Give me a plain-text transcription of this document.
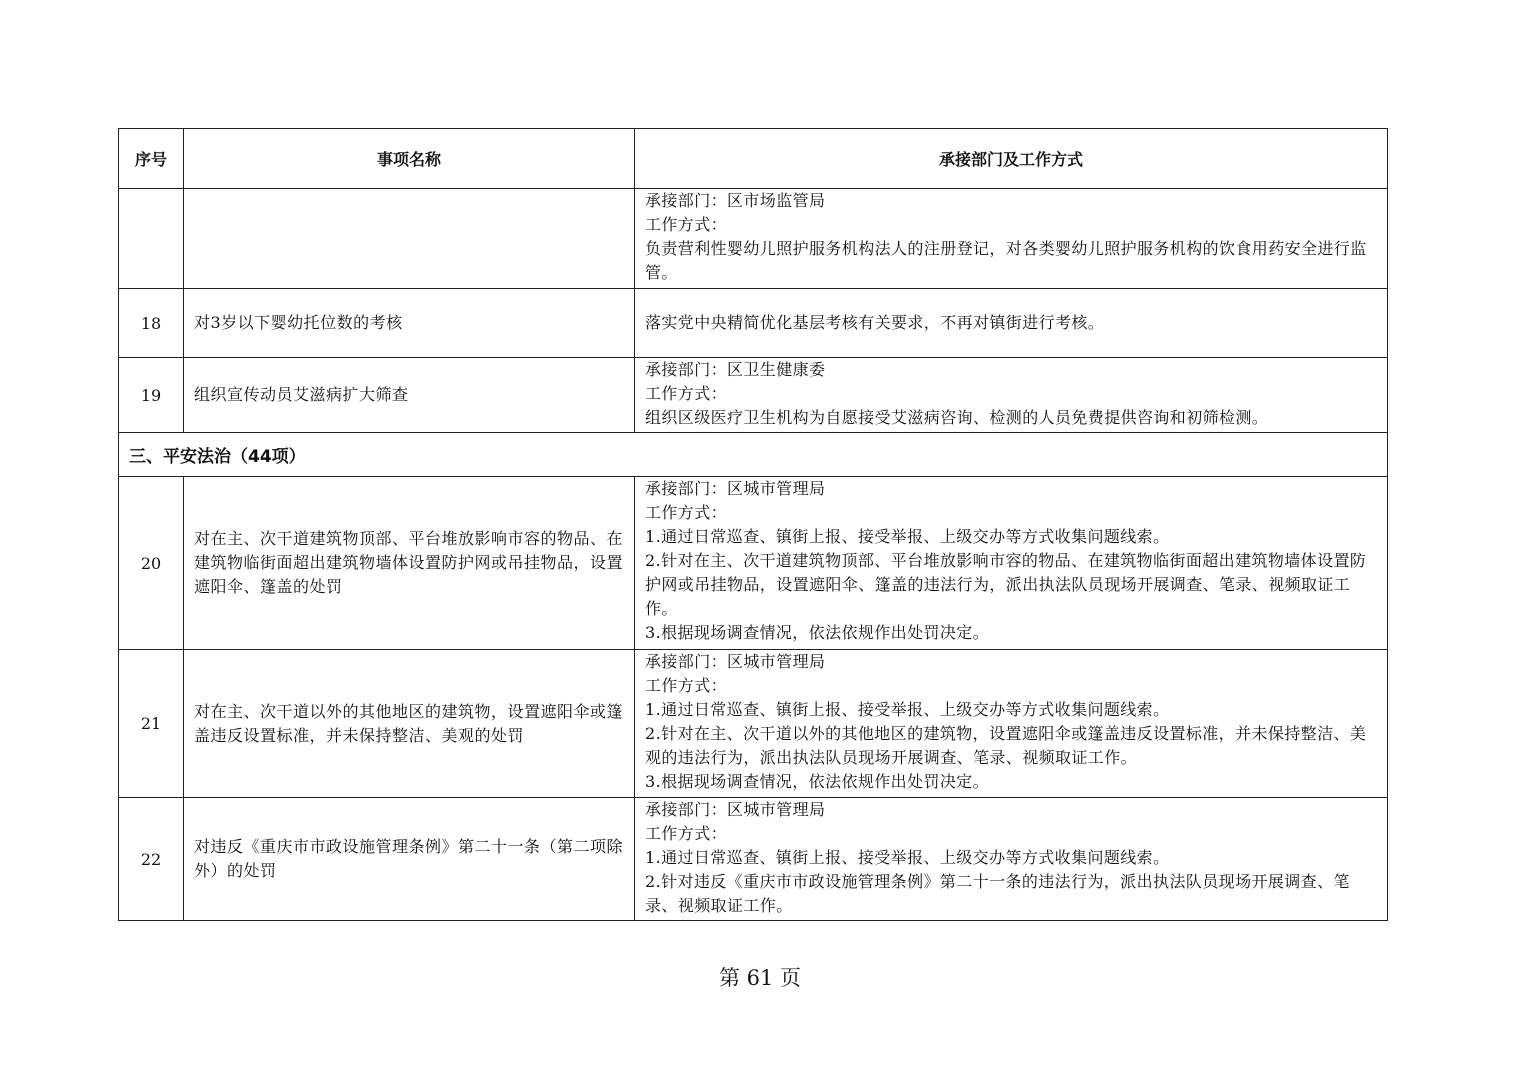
序号	事项名称	承接部门及工作方式

		承接部门：区市场监管局
工作方式：
负责营利性婴幼儿照护服务机构法人的注册登记，对各类婴幼儿照护服务机构的饮食用药安全进行监管。

18	对3岁以下婴幼托位数的考核	落实党中央精简优化基层考核有关要求，不再对镇街进行考核。

19	组织宣传动员艾滋病扩大筛查	承接部门：区卫生健康委
工作方式：
组织区级医疗卫生机构为自愿接受艾滋病咨询、检测的人员免费提供咨询和初筛检测。

三、平安法治（44项）		
20	对在主、次干道建筑物顶部、平台堆放影响市容的物品、在建筑物临街面超出建筑物墙体设置防护网或吊挂物品，设置遮阳伞、篷盖的处罚	承接部门：区城市管理局
工作方式：
1.通过日常巡查、镇街上报、接受举报、上级交办等方式收集问题线索。
2.针对在主、次干道建筑物顶部、平台堆放影响市容的物品、在建筑物临街面超出建筑物墙体设置防护网或吊挂物品，设置遮阳伞、篷盖的违法行为，派出执法队员现场开展调查、笔录、视频取证工作。
3.根据现场调查情况，依法依规作出处罚决定。

21	对在主、次干道以外的其他地区的建筑物，设置遮阳伞或篷盖违反设置标准，并未保持整洁、美观的处罚	承接部门：区城市管理局
工作方式：
1.通过日常巡查、镇街上报、接受举报、上级交办等方式收集问题线索。
2.针对在主、次干道以外的其他地区的建筑物，设置遮阳伞或篷盖违反设置标准，并未保持整洁、美观的违法行为，派出执法队员现场开展调查、笔录、视频取证工作。
3.根据现场调查情况，依法依规作出处罚决定。

22	对违反《重庆市市政设施管理条例》第二十一条（第二项除外）的处罚	承接部门：区城市管理局
工作方式：
1.通过日常巡查、镇街上报、接受举报、上级交办等方式收集问题线索。
2.针对违反《重庆市市政设施管理条例》第二十一条的违法行为，派出执法队员现场开展调查、笔录、视频取证工作。
第 61 页
